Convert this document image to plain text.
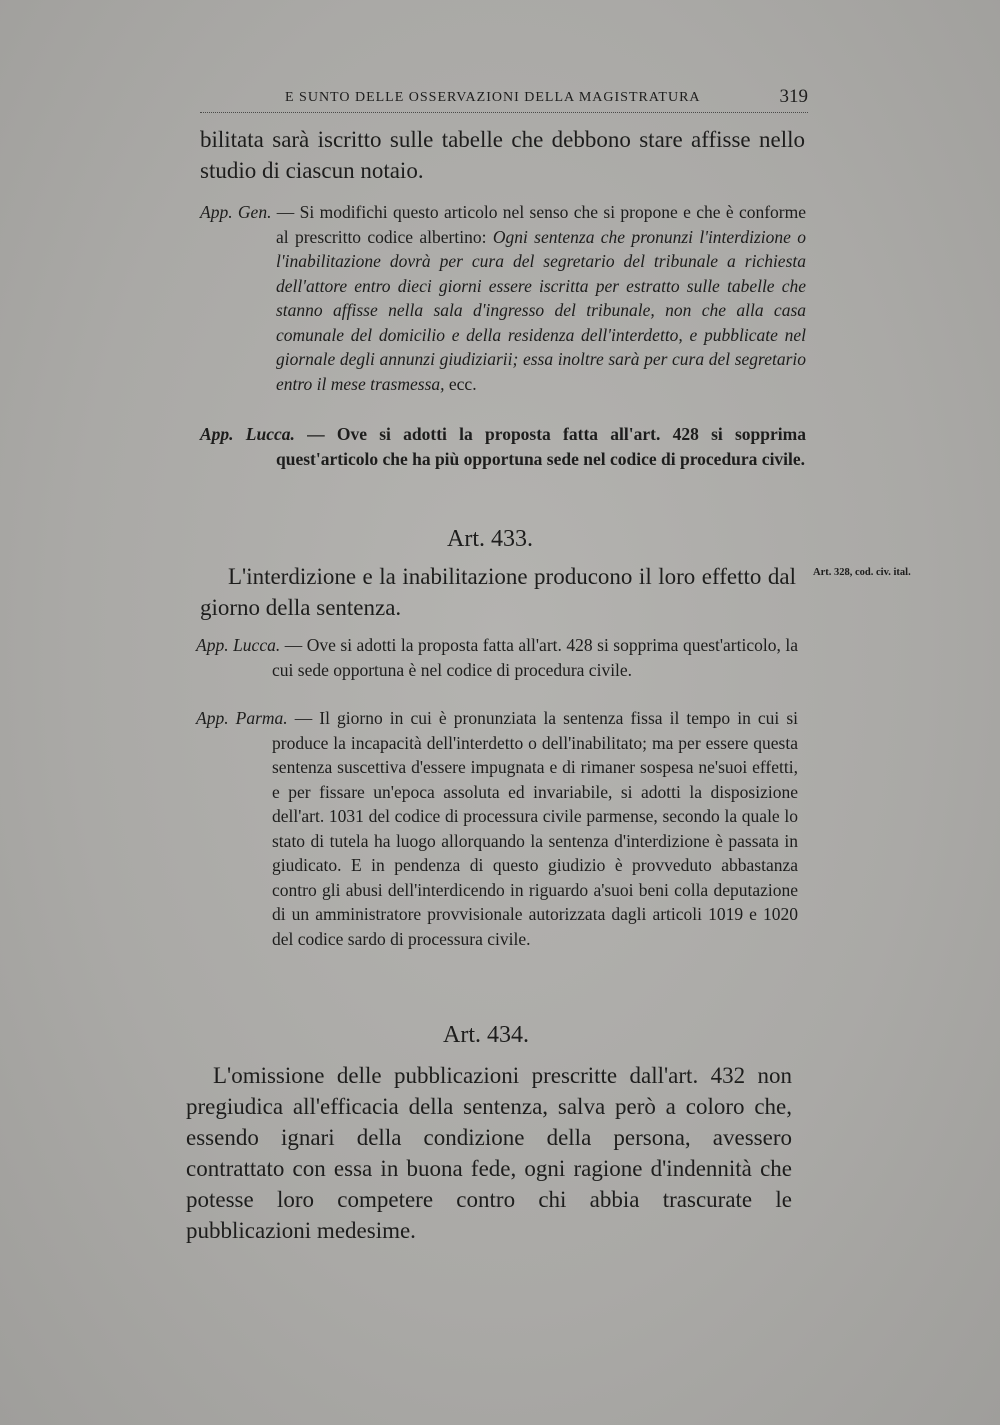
E SUNTO DELLE OSSERVAZIONI DELLA MAGISTRATURA	319

bilitata sarà iscritto sulle tabelle che debbono stare affisse nello studio di ciascun notaio.

App. Gen. — Si modifichi questo articolo nel senso che si propone e che è conforme al prescritto codice albertino: Ogni sentenza che pronunzi l'interdizione o l'inabilitazione dovrà per cura del segretario del tribunale a richiesta dell'attore entro dieci giorni essere iscritta per estratto sulle tabelle che stanno affisse nella sala d'ingresso del tribunale, non che alla casa comunale del domicilio e della residenza dell'interdetto, e pubblicate nel giornale degli annunzi giudiziarii; essa inoltre sarà per cura del segretario entro il mese trasmessa, ecc.

App. Lucca. — Ove si adotti la proposta fatta all'art. 428 si sopprima quest'articolo che ha più opportuna sede nel codice di procedura civile.

Art. 433.

L'interdizione e la inabilitazione producono il loro effetto dal giorno della sentenza.

Art. 328, cod. civ. ital.

App. Lucca. — Ove si adotti la proposta fatta all'art. 428 si sopprima quest'articolo, la cui sede opportuna è nel codice di procedura civile.

App. Parma. — Il giorno in cui è pronunziata la sentenza fissa il tempo in cui si produce la incapacità dell'interdetto o dell'inabilitato; ma per essere questa sentenza suscettiva d'essere impugnata e di rimaner sospesa ne'suoi effetti, e per fissare un'epoca assoluta ed invariabile, si adotti la disposizione dell'art. 1031 del codice di processura civile parmense, secondo la quale lo stato di tutela ha luogo allorquando la sentenza d'interdizione è passata in giudicato. E in pendenza di questo giudizio è provveduto abbastanza contro gli abusi dell'interdicendo in riguardo a'suoi beni colla deputazione di un amministratore provvisionale autorizzata dagli articoli 1019 e 1020 del codice sardo di processura civile.

Art. 434.

L'omissione delle pubblicazioni prescritte dall'art. 432 non pregiudica all'efficacia della sentenza, salva però a coloro che, essendo ignari della condizione della persona, avessero contrattato con essa in buona fede, ogni ragione d'indennità che potesse loro competere contro chi abbia trascurate le pubblicazioni medesime.
